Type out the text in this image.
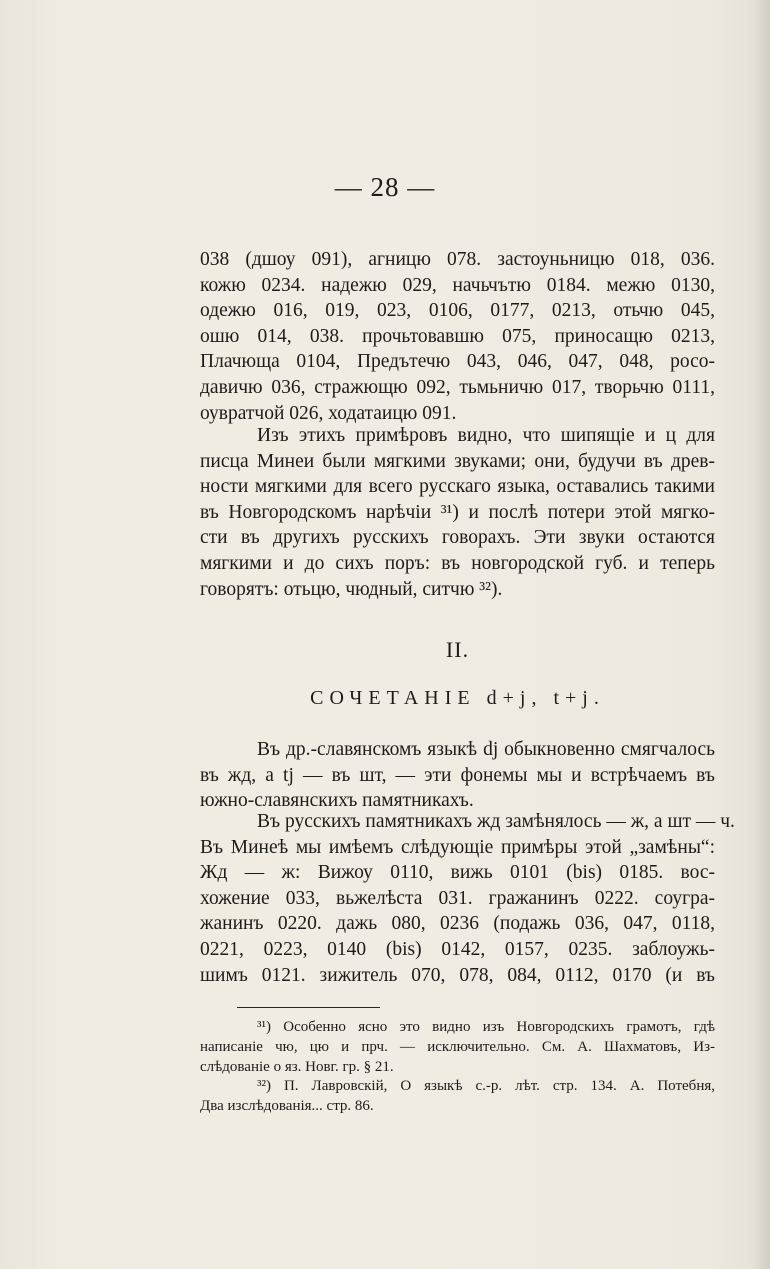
— 28 —

038 (дшоу 091), агницю 078. застоуньницю 018, 036.
кожю 0234. надежю 029, начьчътю 0184. межю 0130,
одежю 016, 019, 023, 0106, 0177, 0213, отьчю 045,
ошю 014, 038. прочьтовавшю 075, приносащю 0213,
Плачюща 0104, Предътечю 043, 046, 047, 048, росо-
давичю 036, стражющю 092, тьмьничю 017, творьчю 0111,
оувратчой 026, ходатаицю 091.

Изъ этихъ примѣровъ видно, что шипящіе и ц для
писца Минеи были мягкими звуками; они, будучи въ древ-
ности мягкими для всего русскаго языка, оставались такими
въ Новгородскомъ нарѣчіи ³¹) и послѣ потери этой мягко-
сти въ другихъ русскихъ говорахъ. Эти звуки остаются
мягкими и до сихъ поръ: въ новгородской губ. и теперь
говорятъ: отьцю, чюдный, ситчю ³²).

II.
СОЧЕТАНІЕ d+j, t+j.

Въ др.-славянскомъ языкѣ dj обыкновенно смягчалось
въ жд, а tj — въ шт, — эти фонемы мы и встрѣчаемъ въ
южно-славянскихъ памятникахъ.

Въ русскихъ памятникахъ жд замѣнялось — ж, а шт — ч.
Въ Минеѣ мы имѣемъ слѣдующіе примѣры этой „замѣны“:
Жд — ж: Вижоу 0110, вижь 0101 (bis) 0185. вос-
хожение 033, вьжелѣста 031. гражанинъ 0222. соугра-
жанинъ 0220. дажь 080, 0236 (подажь 036, 047, 0118,
0221, 0223, 0140 (bis) 0142, 0157, 0235. заблоужь-
шимъ 0121. зижитель 070, 078, 084, 0112, 0170 (и въ

³¹) Особенно ясно это видно изъ Новгородскихъ грамотъ, гдѣ
написаніе чю, цю и прч. — исключительно. См. А. Шахматовъ, Из-
слѣдованіе о яз. Новг. гр. § 21.
³²) П. Лавровскій, О языкѣ с.-р. лѣт. стр. 134. А. Потебня,
Два изслѣдованія... стр. 86.
